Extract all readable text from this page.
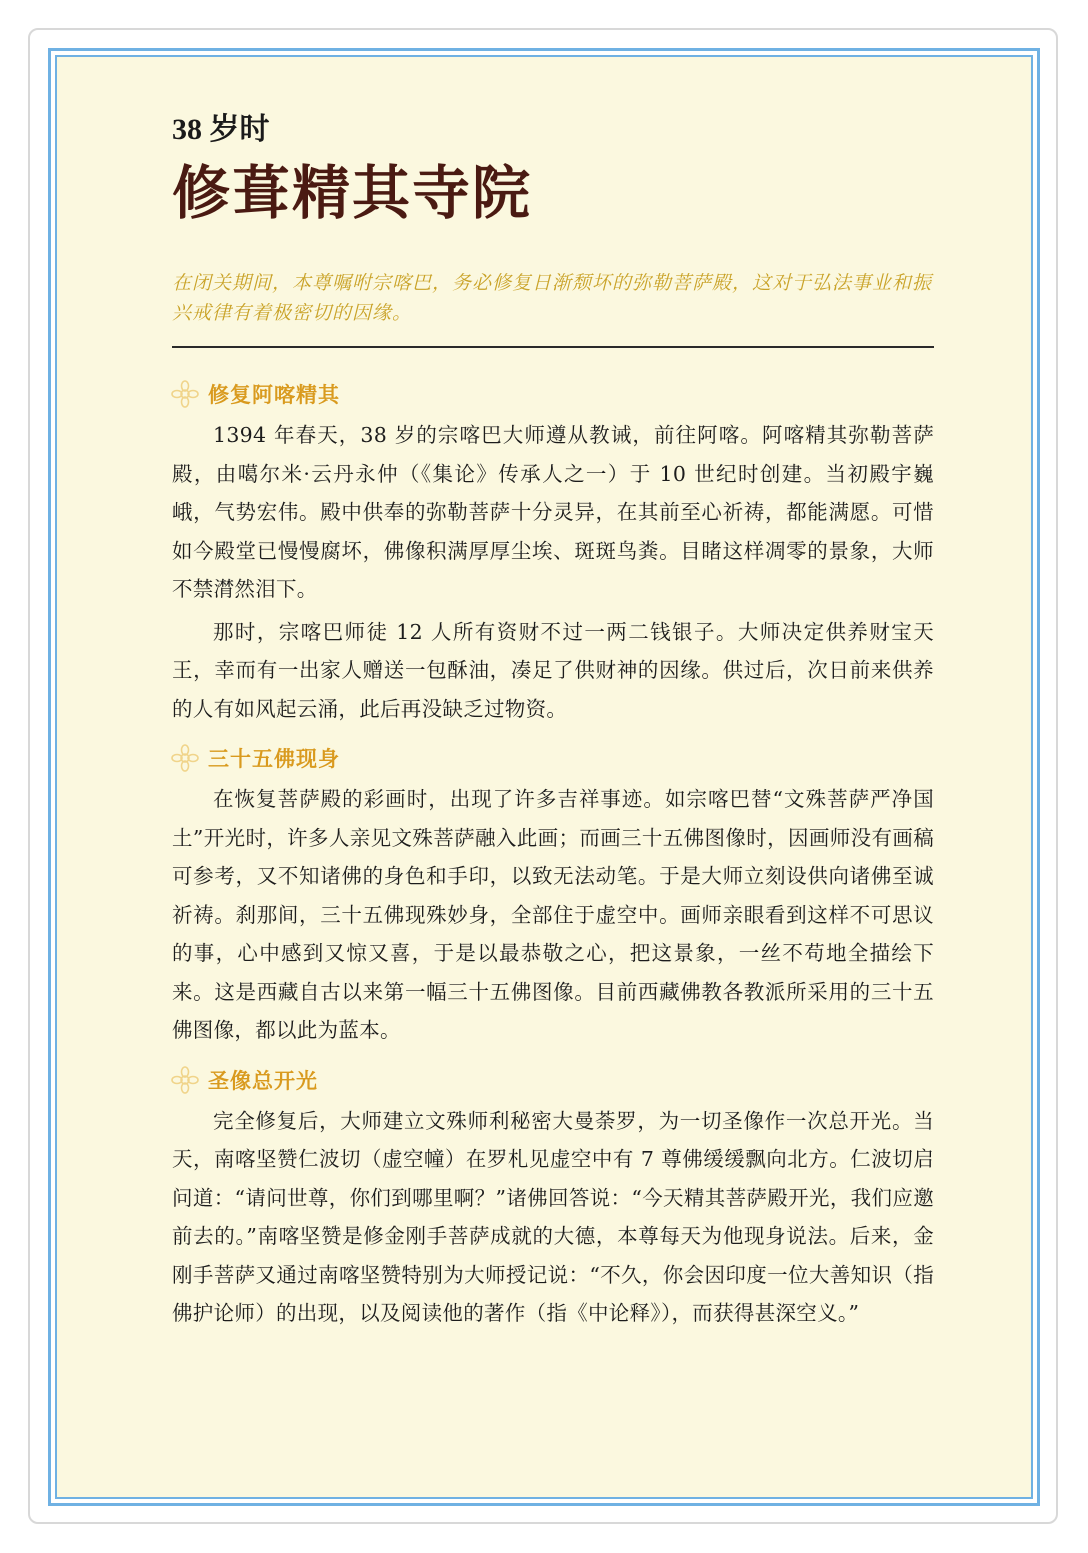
38 岁时

修葺精其寺院

在闭关期间，本尊嘱咐宗喀巴，务必修复日渐颓坏的弥勒菩萨殿，这对于弘法事业和振兴戒律有着极密切的因缘。

修复阿喀精其

1394 年春天，38 岁的宗喀巴大师遵从教诫，前往阿喀。阿喀精其弥勒菩萨殿，由噶尔米·云丹永仲（《集论》传承人之一）于 10 世纪时创建。当初殿宇巍峨，气势宏伟。殿中供奉的弥勒菩萨十分灵异，在其前至心祈祷，都能满愿。可惜如今殿堂已慢慢腐坏，佛像积满厚厚尘埃、斑斑鸟粪。目睹这样凋零的景象，大师不禁潸然泪下。

那时，宗喀巴师徒 12 人所有资财不过一两二钱银子。大师决定供养财宝天王，幸而有一出家人赠送一包酥油，凑足了供财神的因缘。供过后，次日前来供养的人有如风起云涌，此后再没缺乏过物资。

三十五佛现身

在恢复菩萨殿的彩画时，出现了许多吉祥事迹。如宗喀巴替“文殊菩萨严净国土”开光时，许多人亲见文殊菩萨融入此画；而画三十五佛图像时，因画师没有画稿可参考，又不知诸佛的身色和手印，以致无法动笔。于是大师立刻设供向诸佛至诚祈祷。刹那间，三十五佛现殊妙身，全部住于虚空中。画师亲眼看到这样不可思议的事，心中感到又惊又喜，于是以最恭敬之心，把这景象，一丝不苟地全描绘下来。这是西藏自古以来第一幅三十五佛图像。目前西藏佛教各教派所采用的三十五佛图像，都以此为蓝本。

圣像总开光

完全修复后，大师建立文殊师利秘密大曼荼罗，为一切圣像作一次总开光。当天，南喀坚赞仁波切（虚空幢）在罗札见虚空中有 7 尊佛缓缓飘向北方。仁波切启问道：“请问世尊，你们到哪里啊？”诸佛回答说：“今天精其菩萨殿开光，我们应邀前去的。”南喀坚赞是修金刚手菩萨成就的大德，本尊每天为他现身说法。后来，金刚手菩萨又通过南喀坚赞特别为大师授记说：“不久，你会因印度一位大善知识（指佛护论师）的出现，以及阅读他的著作（指《中论释》），而获得甚深空义。”
